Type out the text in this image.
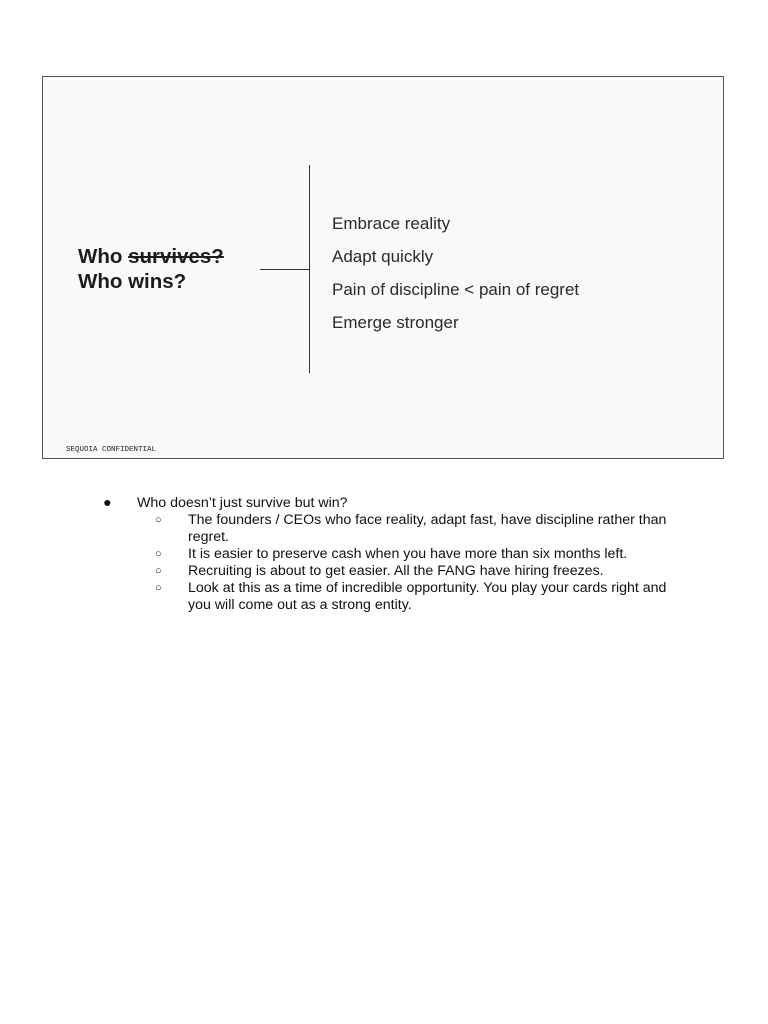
Who survives?
Who wins?
Embrace reality
Adapt quickly
Pain of discipline < pain of regret
Emerge stronger
SEQUOIA CONFIDENTIAL
● Who doesn’t just survive but win?
○ The founders / CEOs who face reality, adapt fast, have discipline rather than regret.
○ It is easier to preserve cash when you have more than six months left.
○ Recruiting is about to get easier. All the FANG have hiring freezes.
○ Look at this as a time of incredible opportunity. You play your cards right and you will come out as a strong entity.
